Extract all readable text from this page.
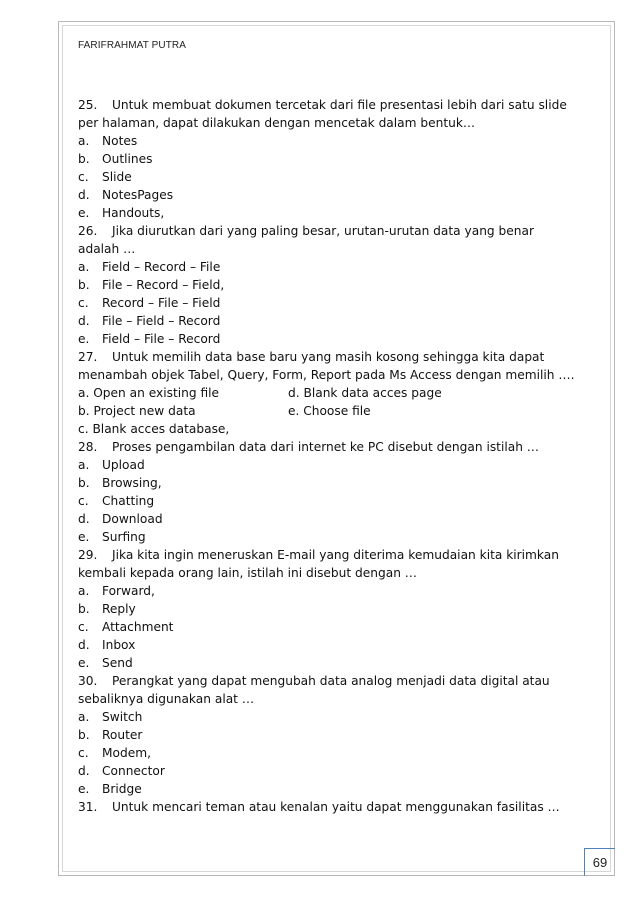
FARIFRAHMAT PUTRA
25. Untuk membuat dokumen tercetak dari file presentasi lebih dari satu slide
per halaman, dapat dilakukan dengan mencetak dalam bentuk…
a. Notes
b. Outlines
c. Slide
d. NotesPages
e. Handouts,
26. Jika diurutkan dari yang paling besar, urutan-urutan data yang benar
adalah …
a. Field – Record – File
b. File – Record – Field,
c. Record – File – Field
d. File – Field – Record
e. Field – File – Record
27. Untuk memilih data base baru yang masih kosong sehingga kita dapat
menambah objek Tabel, Query, Form, Report pada Ms Access dengan memilih ….
a. Open an existing file	d. Blank data acces page
b. Project new data	e. Choose file
c. Blank acces database,
28. Proses pengambilan data dari internet ke PC disebut dengan istilah …
a. Upload
b. Browsing,
c. Chatting
d. Download
e. Surfing
29. Jika kita ingin meneruskan E-mail yang diterima kemudaian kita kirimkan
kembali kepada orang lain, istilah ini disebut dengan …
a. Forward,
b. Reply
c. Attachment
d. Inbox
e. Send
30. Perangkat yang dapat mengubah data analog menjadi data digital atau
sebaliknya digunakan alat …
a. Switch
b. Router
c. Modem,
d. Connector
e. Bridge
31. Untuk mencari teman atau kenalan yaitu dapat menggunakan fasilitas …
69
